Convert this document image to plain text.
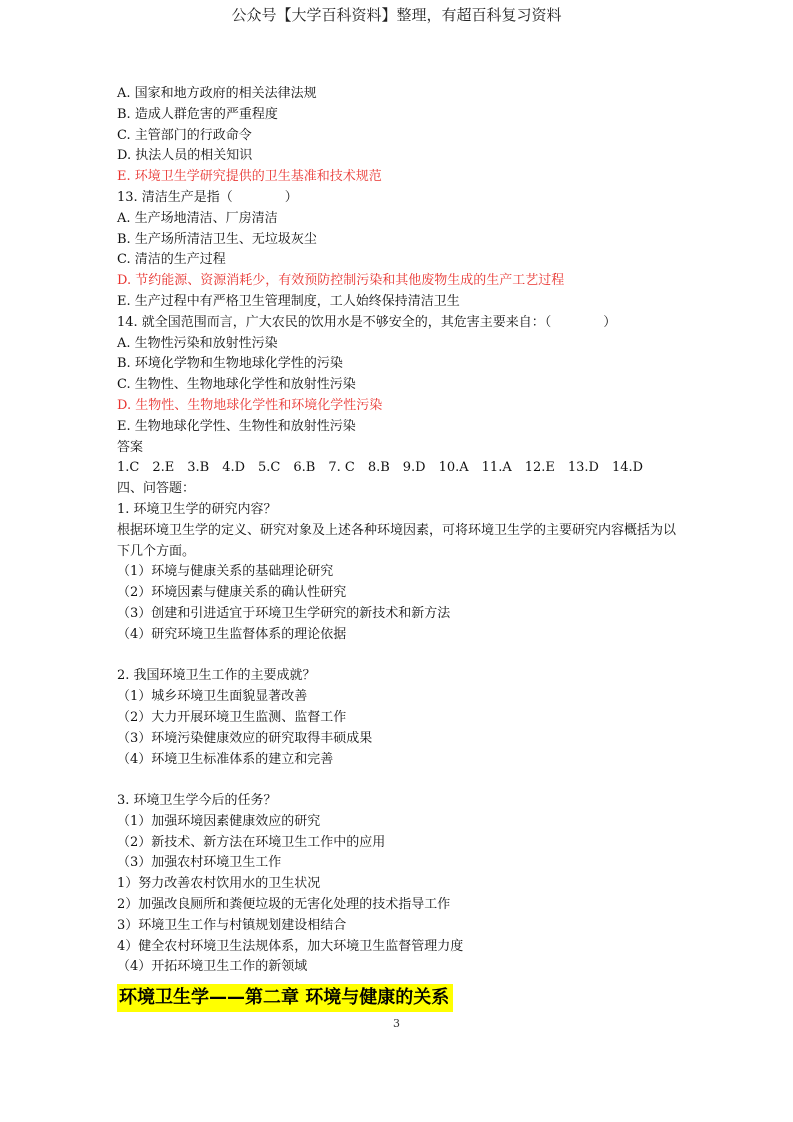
公众号【大学百科资料】整理，有超百科复习资料
A. 国家和地方政府的相关法律法规
B. 造成人群危害的严重程度
C. 主管部门的行政命令
D. 执法人员的相关知识
E. 环境卫生学研究提供的卫生基准和技术规范
13. 清洁生产是指（　　　　）
A. 生产场地清洁、厂房清洁
B. 生产场所清洁卫生、无垃圾灰尘
C. 清洁的生产过程
D. 节约能源、资源消耗少，有效预防控制污染和其他废物生成的生产工艺过程
E. 生产过程中有严格卫生管理制度，工人始终保持清洁卫生
14. 就全国范围而言，广大农民的饮用水是不够安全的，其危害主要来自：（　　　　）
A. 生物性污染和放射性污染
B. 环境化学物和生物地球化学性的污染
C. 生物性、生物地球化学性和放射性污染
D. 生物性、生物地球化学性和环境化学性污染
E. 生物地球化学性、生物性和放射性污染
答案
1.C　2.E　3.B　4.D　5.C　6.B　7. C　8.B　9.D　10.A　11.A　12.E　13.D　14.D
四、问答题：
1. 环境卫生学的研究内容？
根据环境卫生学的定义、研究对象及上述各种环境因素，可将环境卫生学的主要研究内容概括为以下几个方面。
（1）环境与健康关系的基础理论研究
（2）环境因素与健康关系的确认性研究
（3）创建和引进适宜于环境卫生学研究的新技术和新方法
（4）研究环境卫生监督体系的理论依据
2. 我国环境卫生工作的主要成就？
（1）城乡环境卫生面貌显著改善
（2）大力开展环境卫生监测、监督工作
（3）环境污染健康效应的研究取得丰硕成果
（4）环境卫生标准体系的建立和完善
3. 环境卫生学今后的任务？
（1）加强环境因素健康效应的研究
（2）新技术、新方法在环境卫生工作中的应用
（3）加强农村环境卫生工作
1）努力改善农村饮用水的卫生状况
2）加强改良厕所和粪便垃圾的无害化处理的技术指导工作
3）环境卫生工作与村镇规划建设相结合
4）健全农村环境卫生法规体系，加大环境卫生监督管理力度
（4）开拓环境卫生工作的新领域
环境卫生学——第二章 环境与健康的关系
3
